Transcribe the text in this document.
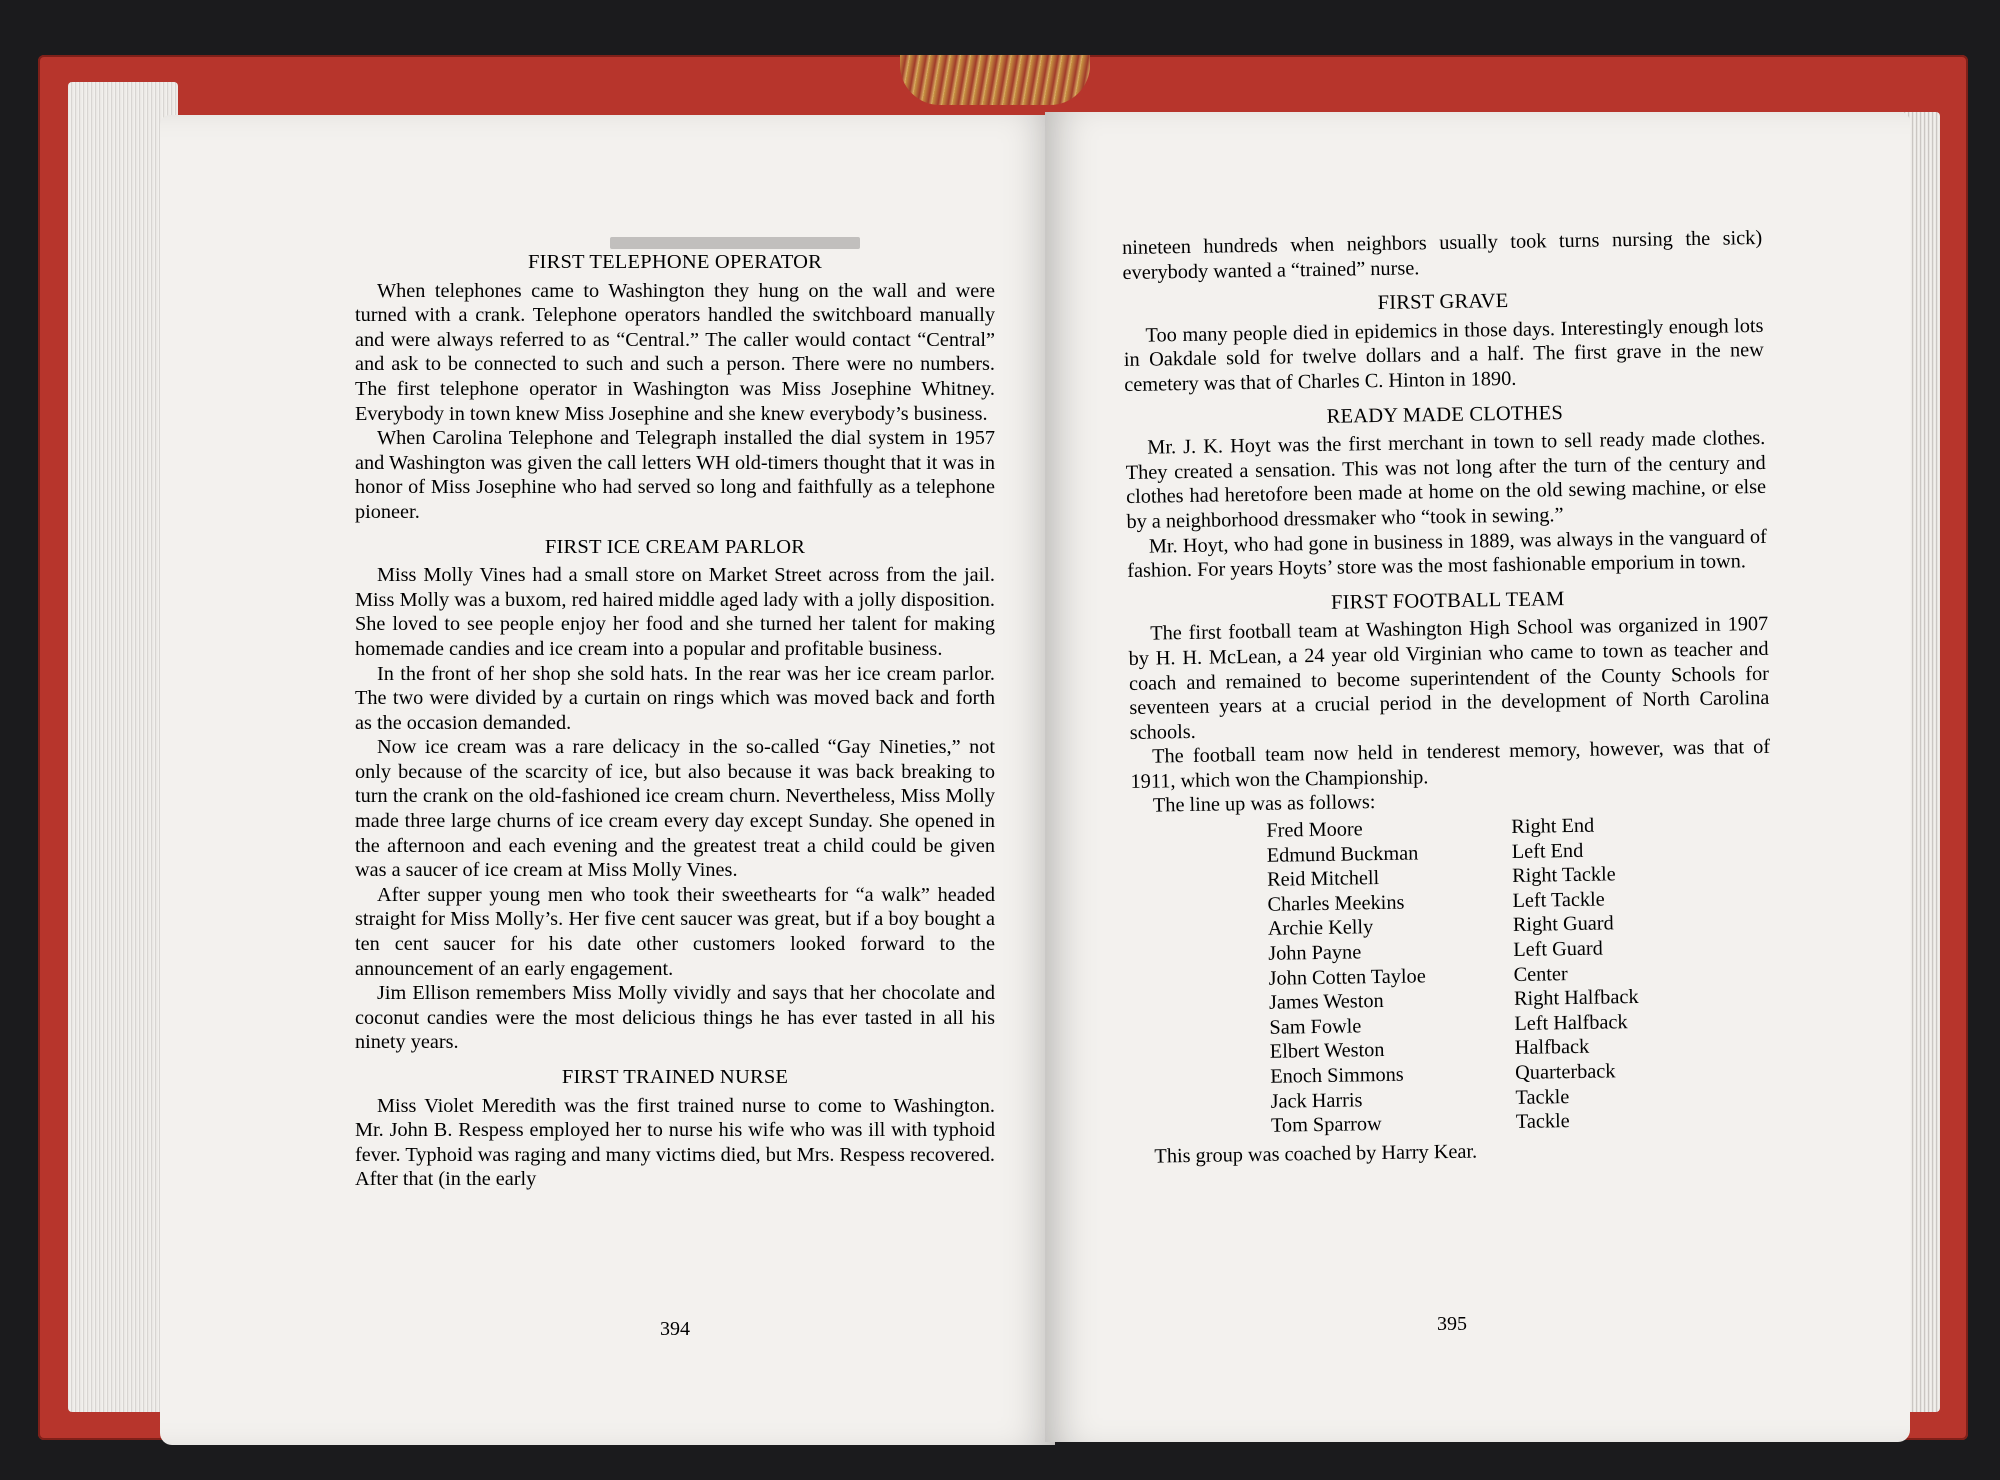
FIRST TELEPHONE OPERATOR

When telephones came to Washington they hung on the wall and were turned with a crank. Telephone operators handled the switchboard manually and were always referred to as “Central.” The caller would contact “Central” and ask to be connected to such and such a person. There were no numbers. The first telephone operator in Washington was Miss Josephine Whitney. Everybody in town knew Miss Josephine and she knew everybody’s business.

When Carolina Telephone and Telegraph installed the dial system in 1957 and Washington was given the call letters WH old-timers thought that it was in honor of Miss Josephine who had served so long and faithfully as a telephone pioneer.

FIRST ICE CREAM PARLOR

Miss Molly Vines had a small store on Market Street across from the jail. Miss Molly was a buxom, red haired middle aged lady with a jolly disposition. She loved to see people enjoy her food and she turned her talent for making homemade candies and ice cream into a popular and profitable business.

In the front of her shop she sold hats. In the rear was her ice cream parlor. The two were divided by a curtain on rings which was moved back and forth as the occasion demanded.

Now ice cream was a rare delicacy in the so-called “Gay Nineties,” not only because of the scarcity of ice, but also because it was back breaking to turn the crank on the old-fashioned ice cream churn. Nevertheless, Miss Molly made three large churns of ice cream every day except Sunday. She opened in the afternoon and each evening and the greatest treat a child could be given was a saucer of ice cream at Miss Molly Vines.

After supper young men who took their sweethearts for “a walk” headed straight for Miss Molly’s. Her five cent saucer was great, but if a boy bought a ten cent saucer for his date other customers looked forward to the announcement of an early engagement.

Jim Ellison remembers Miss Molly vividly and says that her chocolate and coconut candies were the most delicious things he has ever tasted in all his ninety years.

FIRST TRAINED NURSE

Miss Violet Meredith was the first trained nurse to come to Washington. Mr. John B. Respess employed her to nurse his wife who was ill with typhoid fever. Typhoid was raging and many victims died, but Mrs. Respess recovered. After that (in the early

394

nineteen hundreds when neighbors usually took turns nursing the sick) everybody wanted a “trained” nurse.

FIRST GRAVE

Too many people died in epidemics in those days. Interestingly enough lots in Oakdale sold for twelve dollars and a half. The first grave in the new cemetery was that of Charles C. Hinton in 1890.

READY MADE CLOTHES

Mr. J. K. Hoyt was the first merchant in town to sell ready made clothes. They created a sensation. This was not long after the turn of the century and clothes had heretofore been made at home on the old sewing machine, or else by a neighborhood dressmaker who “took in sewing.”

Mr. Hoyt, who had gone in business in 1889, was always in the vanguard of fashion. For years Hoyts’ store was the most fashionable emporium in town.

FIRST FOOTBALL TEAM

The first football team at Washington High School was organized in 1907 by H. H. McLean, a 24 year old Virginian who came to town as teacher and coach and remained to become superintendent of the County Schools for seventeen years at a crucial period in the development of North Carolina schools.

The football team now held in tenderest memory, however, was that of 1911, which won the Championship.

The line up was as follows:

Fred Moore	Right End
Edmund Buckman	Left End
Reid Mitchell	Right Tackle
Charles Meekins	Left Tackle
Archie Kelly	Right Guard
John Payne	Left Guard
John Cotten Tayloe	Center
James Weston	Right Halfback
Sam Fowle	Left Halfback
Elbert Weston	Halfback
Enoch Simmons	Quarterback
Jack Harris	Tackle
Tom Sparrow	Tackle

This group was coached by Harry Kear.

395
